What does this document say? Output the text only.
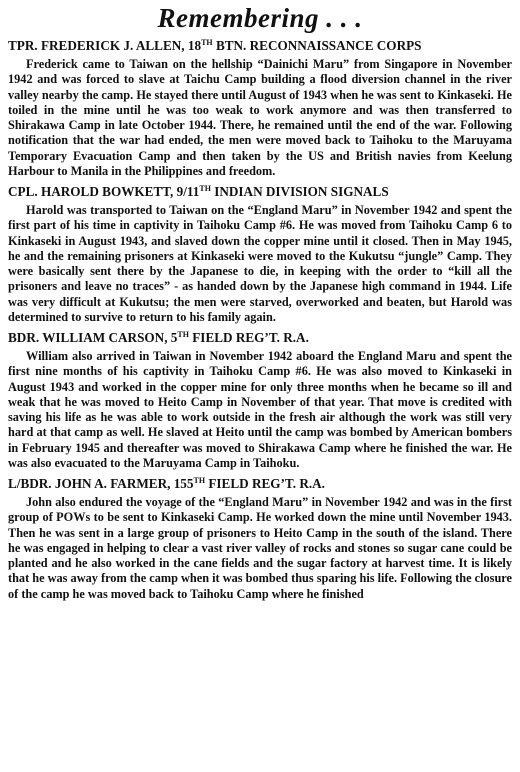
Remembering . . .
TPR. FREDERICK J. ALLEN, 18TH BTN. RECONNAISSANCE CORPS

Frederick came to Taiwan on the hellship “Dainichi Maru” from Singapore in November 1942 and was forced to slave at Taichu Camp building a flood diversion channel in the river valley nearby the camp. He stayed there until August of 1943 when he was sent to Kinkaseki. He toiled in the mine until he was too weak to work anymore and was then transferred to Shirakawa Camp in late October 1944. There, he remained until the end of the war. Following notification that the war had ended, the men were moved back to Taihoku to the Maruyama Temporary Evacuation Camp and then taken by the US and British navies from Keelung Harbour to Manila in the Philippines and freedom.

CPL. HAROLD BOWKETT, 9/11TH INDIAN DIVISION SIGNALS

Harold was transported to Taiwan on the “England Maru” in November 1942 and spent the first part of his time in captivity in Taihoku Camp #6. He was moved from Taihoku Camp 6 to Kinkaseki in August 1943, and slaved down the copper mine until it closed. Then in May 1945, he and the remaining prisoners at Kinkaseki were moved to the Kukutsu “jungle” Camp. They were basically sent there by the Japanese to die, in keeping with the order to “kill all the prisoners and leave no traces” - as handed down by the Japanese high command in 1944. Life was very difficult at Kukutsu; the men were starved, overworked and beaten, but Harold was determined to survive to return to his family again.

BDR. WILLIAM CARSON, 5TH FIELD REG’T. R.A.

William also arrived in Taiwan in November 1942 aboard the England Maru and spent the first nine months of his captivity in Taihoku Camp #6. He was also moved to Kinkaseki in August 1943 and worked in the copper mine for only three months when he became so ill and weak that he was moved to Heito Camp in November of that year. That move is credited with saving his life as he was able to work outside in the fresh air although the work was still very hard at that camp as well. He slaved at Heito until the camp was bombed by American bombers in February 1945 and thereafter was moved to Shirakawa Camp where he finished the war. He was also evacuated to the Maruyama Camp in Taihoku.

L/BDR. JOHN A. FARMER, 155TH FIELD REG’T. R.A.

John also endured the voyage of the “England Maru” in November 1942 and was in the first group of POWs to be sent to Kinkaseki Camp. He worked down the mine until November 1943. Then he was sent in a large group of prisoners to Heito Camp in the south of the island. There he was engaged in helping to clear a vast river valley of rocks and stones so sugar cane could be planted and he also worked in the cane fields and the sugar factory at harvest time. It is likely that he was away from the camp when it was bombed thus sparing his life. Following the closure of the camp he was moved back to Taihoku Camp where he finished
